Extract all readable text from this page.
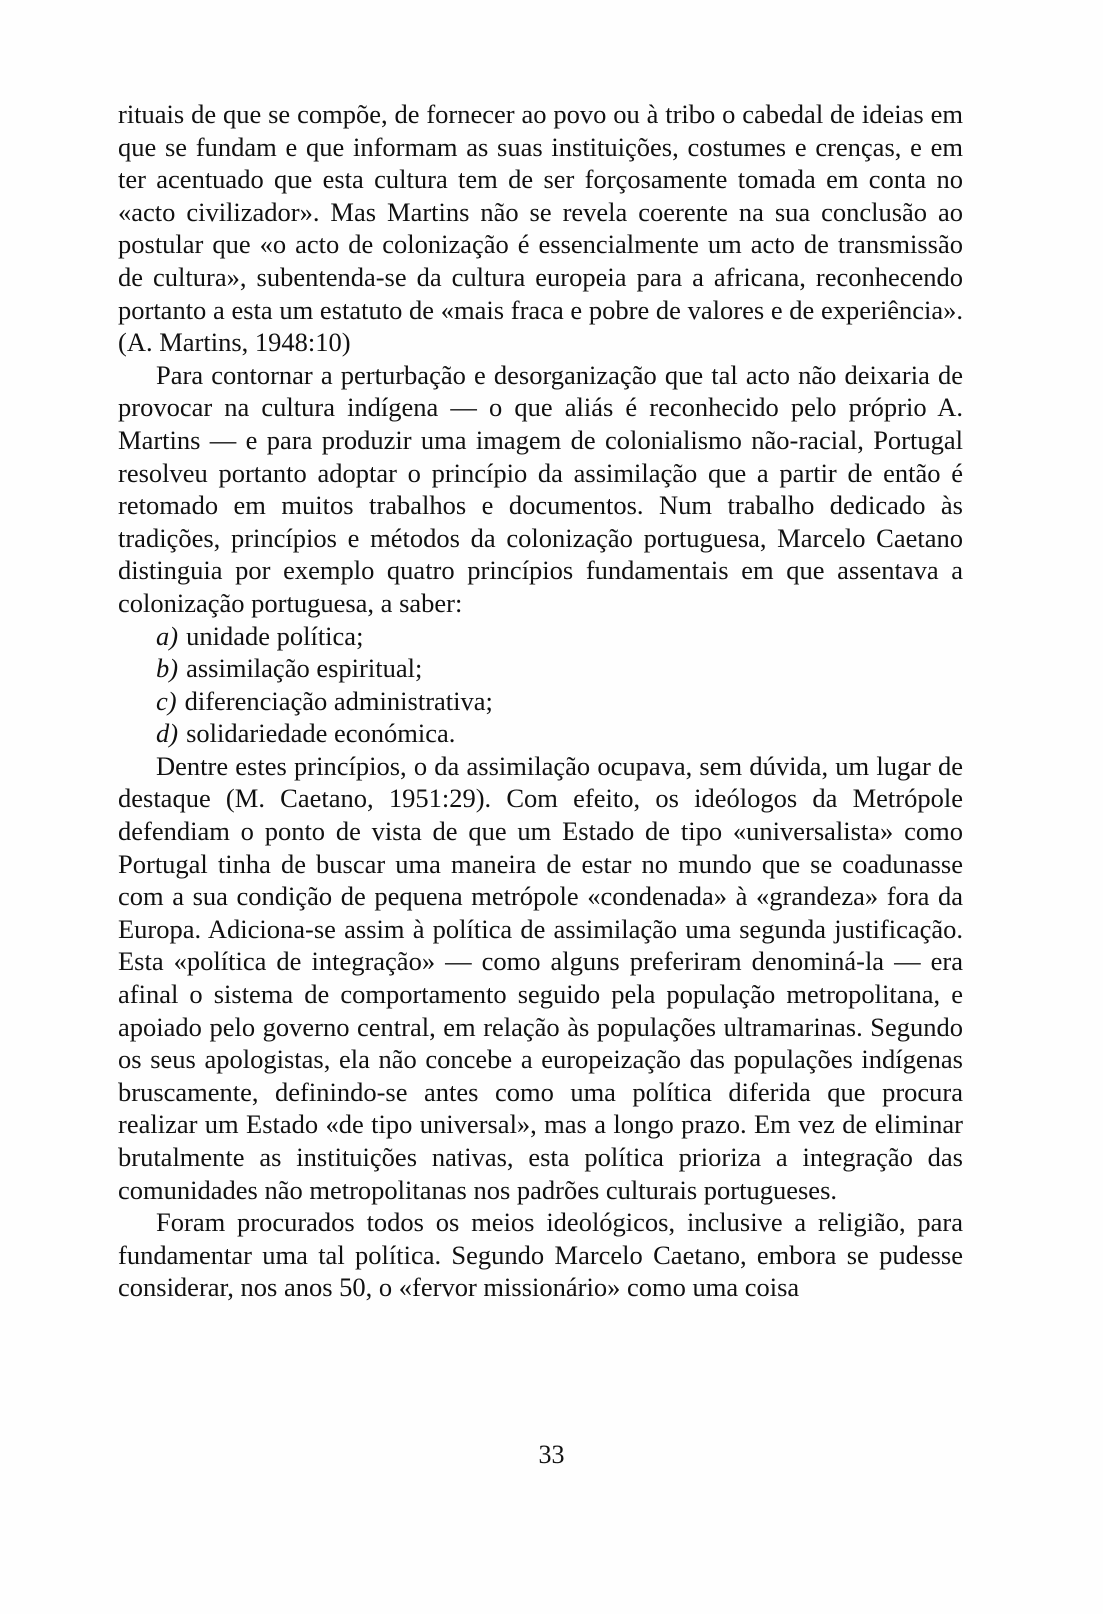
rituais de que se compõe, de fornecer ao povo ou à tribo o cabedal de ideias em que se fundam e que informam as suas instituições, costumes e crenças, e em ter acentuado que esta cultura tem de ser forçosamente tomada em conta no «acto civilizador». Mas Martins não se revela coerente na sua conclusão ao postular que «o acto de colonização é essencialmente um acto de transmissão de cultura», subentenda-se da cultura europeia para a africana, reconhecendo portanto a esta um estatuto de «mais fraca e pobre de valores e de experiência». (A. Martins, 1948:10)

Para contornar a perturbação e desorganização que tal acto não deixaria de provocar na cultura indígena — o que aliás é reconhecido pelo próprio A. Martins — e para produzir uma imagem de colonialismo não-racial, Portugal resolveu portanto adoptar o princípio da assimilação que a partir de então é retomado em muitos trabalhos e documentos. Num trabalho dedicado às tradições, princípios e métodos da colonização portuguesa, Marcelo Caetano distinguia por exemplo quatro princípios fundamentais em que assentava a colonização portuguesa, a saber:

a) unidade política;
b) assimilação espiritual;
c) diferenciação administrativa;
d) solidariedade económica.

Dentre estes princípios, o da assimilação ocupava, sem dúvida, um lugar de destaque (M. Caetano, 1951:29). Com efeito, os ideólogos da Metrópole defendiam o ponto de vista de que um Estado de tipo «universalista» como Portugal tinha de buscar uma maneira de estar no mundo que se coadunasse com a sua condição de pequena metrópole «condenada» à «grandeza» fora da Europa. Adiciona-se assim à política de assimilação uma segunda justificação. Esta «política de integração» — como alguns preferiram denominá-la — era afinal o sistema de comportamento seguido pela população metropolitana, e apoiado pelo governo central, em relação às populações ultramarinas. Segundo os seus apologistas, ela não concebe a europeização das populações indígenas bruscamente, definindo-se antes como uma política diferida que procura realizar um Estado «de tipo universal», mas a longo prazo. Em vez de eliminar brutalmente as instituições nativas, esta política prioriza a integração das comunidades não metropolitanas nos padrões culturais portugueses.

Foram procurados todos os meios ideológicos, inclusive a religião, para fundamentar uma tal política. Segundo Marcelo Caetano, embora se pudesse considerar, nos anos 50, o «fervor missionário» como uma coisa

33
